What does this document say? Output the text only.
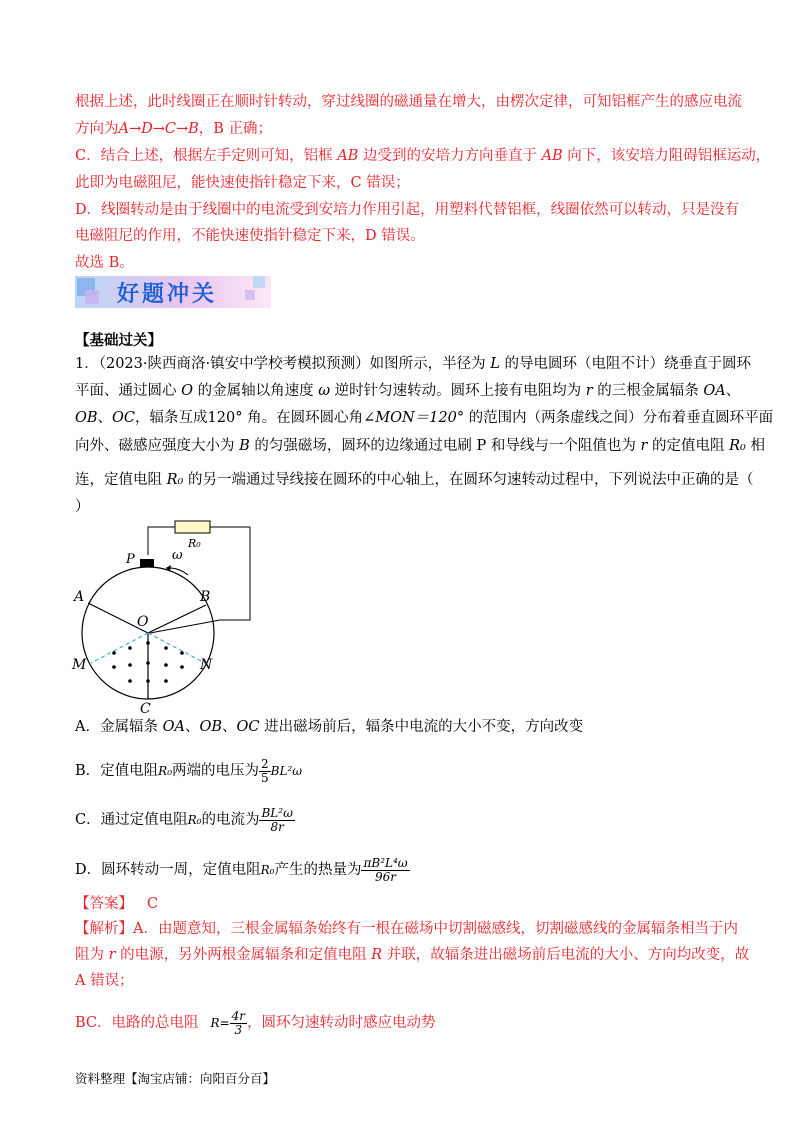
根据上述，此时线圈正在顺时针转动，穿过线圈的磁通量在增大，由楞次定律，可知铝框产生的感应电流
方向为A→D→C→B，B 正确；
C．结合上述，根据左手定则可知，铝框 AB 边受到的安培力方向垂直于 AB 向下，该安培力阻碍铝框运动，
此即为电磁阻尼，能快速使指针稳定下来，C 错误；
D．线圈转动是由于线圈中的电流受到安培力作用引起，用塑料代替铝框，线圈依然可以转动，只是没有
电磁阻尼的作用，不能快速使指针稳定下来，D 错误。
故选 B。
好题冲关
【基础过关】
1．（2023·陕西商洛·镇安中学校考模拟预测）如图所示，半径为 L 的导电圆环（电阻不计）绕垂直于圆环
平面、通过圆心 O 的金属轴以角速度 ω 逆时针匀速转动。圆环上接有电阻均为 r 的三根金属辐条 OA、
OB、OC，辐条互成120° 角。在圆环圆心角∠MON＝120° 的范围内（两条虚线之间）分布着垂直圆环平面
向外、磁感应强度大小为 B 的匀强磁场，圆环的边缘通过电刷 P 和导线与一个阻值也为 r 的定值电阻 R₀ 相
连，定值电阻 R₀ 的另一端通过导线接在圆环的中心轴上，在圆环匀速转动过程中，下列说法中正确的是（
）
R₀
P	ω
A	B
O
M	N
C
A．金属辐条 OA、OB、OC 进出磁场前后，辐条中电流的大小不变，方向改变
B．定值电阻R₀两端的电压为 $\frac{2}{5} BL^2\omega$
C．通过定值电阻R₀的电流为 $\frac{\text{BL²ω}}{8r}$
D．圆环转动一周，定值电阻R₀产生的热量为 $\frac{\text{πB²L⁴ω}}{96r}$
【答案】 C
【解析】A．由题意知，三根金属辐条始终有一根在磁场中切割磁感线，切割磁感线的金属辐条相当于内
阻为 r 的电源，另外两根金属辐条和定值电阻 R 并联，故辐条进出磁场前后电流的大小、方向均改变，故
A 错误；
BC．电路的总电阻 $R= \frac{4r}{3}$ ，圆环匀速转动时感应电动势
资料整理【淘宝店铺：向阳百分百】
